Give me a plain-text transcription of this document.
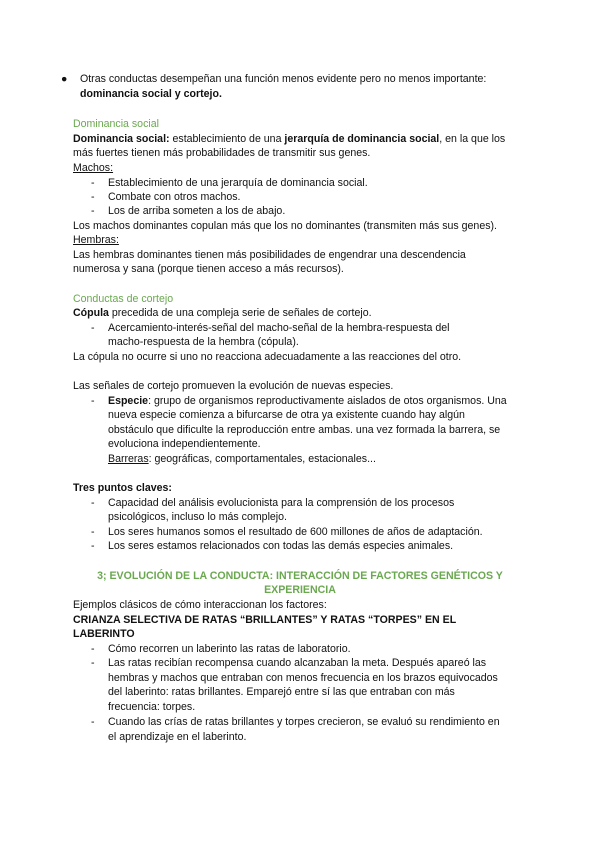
● Otras conductas desempeñan una función menos evidente pero no menos importante:
dominancia social y cortejo.
Dominancia social
Dominancia social: establecimiento de una jerarquía de dominancia social, en la que los
más fuertes tienen más probabilidades de transmitir sus genes.
Machos:
- Establecimiento de una jerarquía de dominancia social.
- Combate con otros machos.
- Los de arriba someten a los de abajo.
Los machos dominantes copulan más que los no dominantes (transmiten más sus genes).
Hembras:
Las hembras dominantes tienen más posibilidades de engendrar una descendencia
numerosa y sana (porque tienen acceso a más recursos).
Conductas de cortejo
Cópula precedida de una compleja serie de señales de cortejo.
- Acercamiento-interés-señal del macho-señal de la hembra-respuesta del
macho-respuesta de la hembra (cópula).
La cópula no ocurre si uno no reacciona adecuadamente a las reacciones del otro.
Las señales de cortejo promueven la evolución de nuevas especies.
- Especie: grupo de organismos reproductivamente aislados de otos organismos. Una
nueva especie comienza a bifurcarse de otra ya existente cuando hay algún
obstáculo que dificulte la reproducción entre ambas. una vez formada la barrera, se
evoluciona independientemente.
Barreras: geográficas, comportamentales, estacionales...
Tres puntos claves:
- Capacidad del análisis evolucionista para la comprensión de los procesos
psicológicos, incluso lo más complejo.
- Los seres humanos somos el resultado de 600 millones de años de adaptación.
- Los seres estamos relacionados con todas las demás especies animales.
3; EVOLUCIÓN DE LA CONDUCTA: INTERACCIÓN DE FACTORES GENÉTICOS Y
EXPERIENCIA
Ejemplos clásicos de cómo interaccionan los factores:
CRIANZA SELECTIVA DE RATAS “BRILLANTES” Y RATAS “TORPES” EN EL
LABERINTO
- Cómo recorren un laberinto las ratas de laboratorio.
- Las ratas recibían recompensa cuando alcanzaban la meta. Después apareó las
hembras y machos que entraban con menos frecuencia en los brazos equivocados
del laberinto: ratas brillantes. Emparejó entre sí las que entraban con más
frecuencia: torpes.
- Cuando las crías de ratas brillantes y torpes crecieron, se evaluó su rendimiento en
el aprendizaje en el laberinto.
